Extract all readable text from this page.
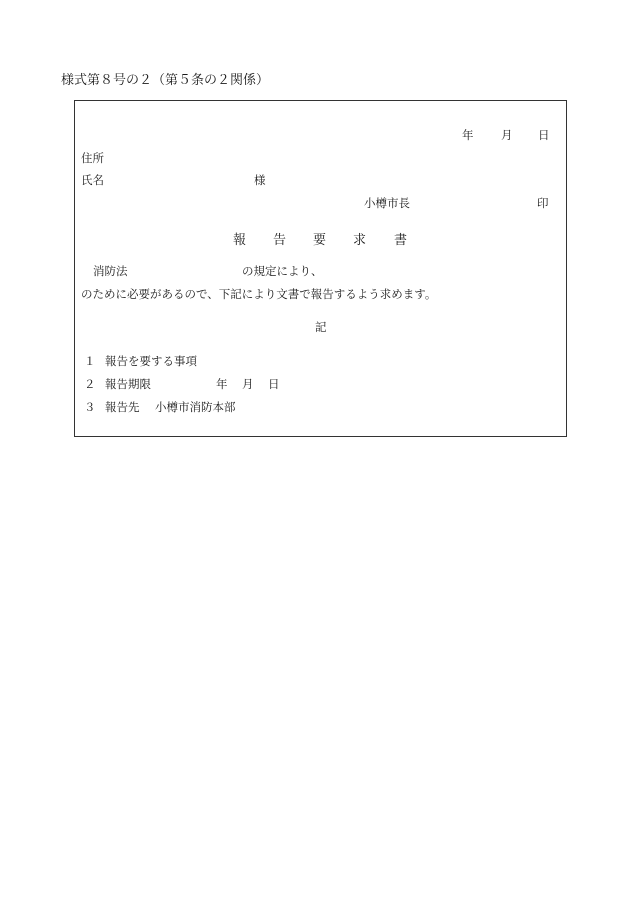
様式第８号の２（第５条の２関係）
年 月 日
住所
氏名	様
小樽市長	印
報 告 要 求 書
消防法	の規定により、
のために必要があるので、下記により文書で報告するよう求めます。
記
１ 報告を要する事項
２ 報告期限	年 月 日
３ 報告先 小樽市消防本部
